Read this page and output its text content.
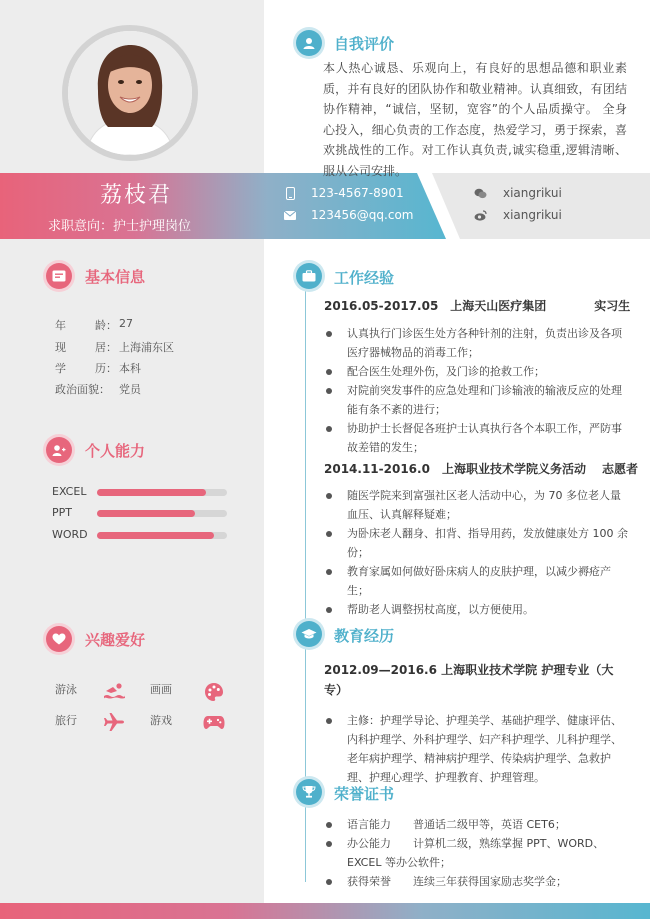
荔枝君
求职意向：护士护理岗位
123-4567-8901
123456@qq.com
xiangrikui
xiangrikui
自我评价
本人热心诚恳、乐观向上，有良好的思想品德和职业素质，并有良好的团队协作和敬业精神。认真细致，有团结协作精神，“诚信，坚韧，宽容”的个人品质操守。 全身心投入，细心负责的工作态度，热爱学习，勇于探索，喜欢挑战性的工作。对工作认真负责,诚实稳重,逻辑清晰、服从公司安排。
基本信息
年	龄： 27
现	居： 上海浦东区
学	历： 本科
政治面貌： 党员
个人能力
EXCEL
PPT
WORD
兴趣爱好
游泳	画画
旅行	游戏
工作经验
2016.05-2017.05 上海天山医疗集团	实习生
认真执行门诊医生处方各种针剂的注射，负责出诊及各项医疗器械物品的消毒工作；
配合医生处理外伤，及门诊的抢救工作；
对院前突发事件的应急处理和门诊输液的输液反应的处理能有条不紊的进行；
协助护士长督促各班护士认真执行各个本职工作，严防事故差错的发生；
2014.11-2016.0 上海职业技术学院义务活动 志愿者
随医学院来到富强社区老人活动中心，为 70 多位老人量血压、认真解释疑难；
为卧床老人翻身、扣背、指导用药，发放健康处方 100 余份；
教育家属如何做好卧床病人的皮肤护理，以减少褥疮产生；
帮助老人调整拐杖高度，以方便使用。
教育经历
2012.09—2016.6 上海职业技术学院 护理专业（大专）
主修：护理学导论、护理美学、基础护理学、健康评估、内科护理学、外科护理学、妇产科护理学、儿科护理学、老年病护理学、精神病护理学、传染病护理学、急救护理、护理心理学、护理教育、护理管理。
荣誉证书
语言能力 普通话二级甲等，英语 CET6；
办公能力 计算机二级，熟练掌握 PPT、WORD、EXCEL 等办公软件；
获得荣誉 连续三年获得国家励志奖学金；
